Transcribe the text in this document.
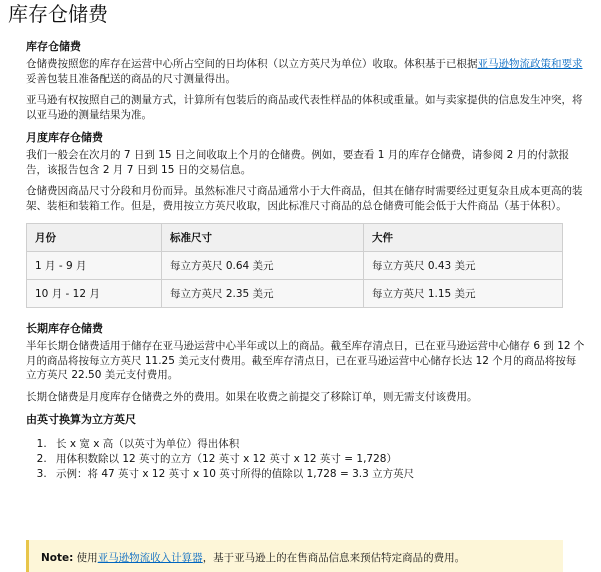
库存仓储费
库存仓储费

仓储费按照您的库存在运营中心所占空间的日均体积（以立方英尺为单位）收取。体积基于已根据亚马逊物流政策和要求妥善包装且准备配送的商品的尺寸测量得出。

亚马逊有权按照自己的测量方式，计算所有包装后的商品或代表性样品的体积或重量。如与卖家提供的信息发生冲突，将以亚马逊的测量结果为准。

月度库存仓储费

我们一般会在次月的 7 日到 15 日之间收取上个月的仓储费。例如，要查看 1 月的库存仓储费，请参阅 2 月的付款报告，该报告包含 2 月 7 日到 15 日的交易信息。

仓储费因商品尺寸分段和月份而异。虽然标准尺寸商品通常小于大件商品，但其在储存时需要经过更复杂且成本更高的装架、装柜和装箱工作。但是，费用按立方英尺收取，因此标准尺寸商品的总仓储费可能会低于大件商品（基于体积）。

月份	标准尺寸	大件
1 月 - 9 月	每立方英尺 0.64 美元	每立方英尺 0.43 美元
10 月 - 12 月	每立方英尺 2.35 美元	每立方英尺 1.15 美元
长期库存仓储费

半年长期仓储费适用于储存在亚马逊运营中心半年或以上的商品。截至库存清点日，已在亚马逊运营中心储存 6 到 12 个月的商品将按每立方英尺 11.25 美元支付费用。截至库存清点日，已在亚马逊运营中心储存长达 12 个月的商品将按每立方英尺 22.50 美元支付费用。

长期仓储费是月度库存仓储费之外的费用。如果在收费之前提交了移除订单，则无需支付该费用。

由英寸换算为立方英尺
1. 长 x 宽 x 高（以英寸为单位）得出体积
2. 用体积数除以 12 英寸的立方（12 英寸 x 12 英寸 x 12 英寸 = 1,728）
3. 示例：将 47 英寸 x 12 英寸 x 10 英寸所得的值除以 1,728 = 3.3 立方英尺
Note: 使用亚马逊物流收入计算器，基于亚马逊上的在售商品信息来预估特定商品的费用。
